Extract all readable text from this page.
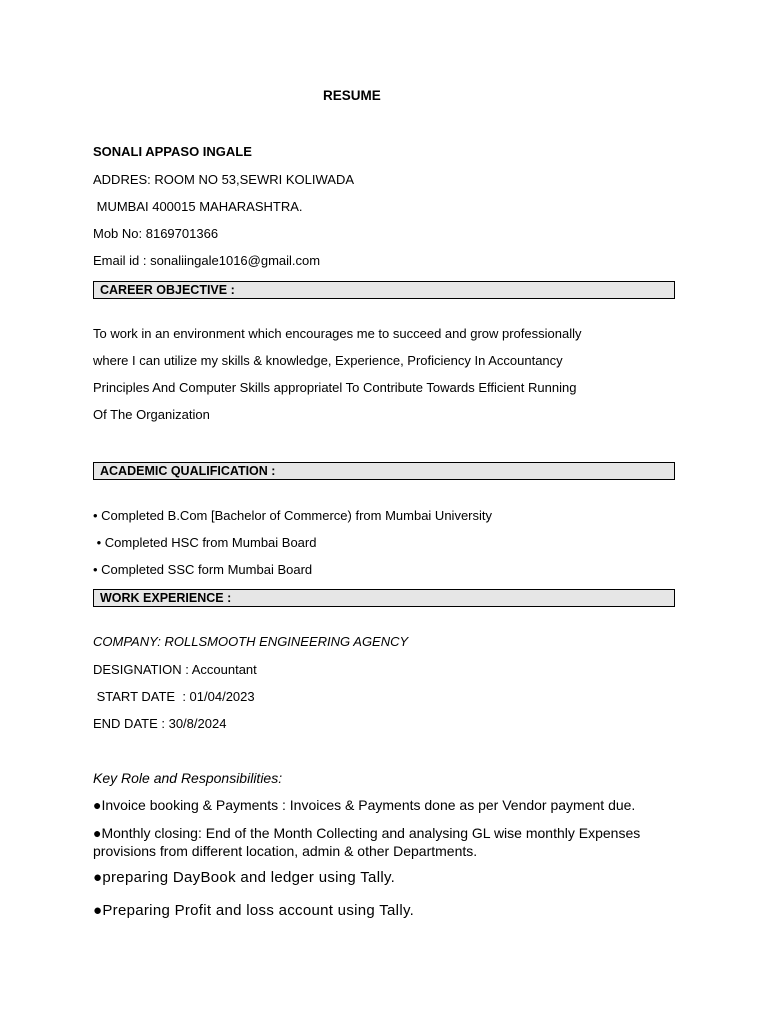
RESUME
SONALI APPASO INGALE
ADDRES: ROOM NO 53,SEWRI KOLIWADA
MUMBAI 400015 MAHARASHTRA.
Mob No: 8169701366
Email id : sonaliingale1016@gmail.com
CAREER OBJECTIVE :
To work in an environment which encourages me to succeed and grow professionally
where I can utilize my skills & knowledge, Experience, Proficiency In Accountancy
Principles And Computer Skills appropriatel To Contribute Towards Efficient Running
Of The Organization
ACADEMIC QUALIFICATION :
• Completed B.Com [Bachelor of Commerce) from Mumbai University
• Completed HSC from Mumbai Board
• Completed SSC form Mumbai Board
WORK EXPERIENCE :
COMPANY: ROLLSMOOTH ENGINEERING AGENCY
DESIGNATION : Accountant
START DATE  : 01/04/2023
END DATE : 30/8/2024
Key Role and Responsibilities:
●Invoice booking & Payments : Invoices & Payments done as per Vendor payment due.
●Monthly closing: End of the Month Collecting and analysing GL wise monthly Expenses provisions from different location, admin & other Departments.
●preparing DayBook and ledger using Tally.
●Preparing Profit and loss account using Tally.
